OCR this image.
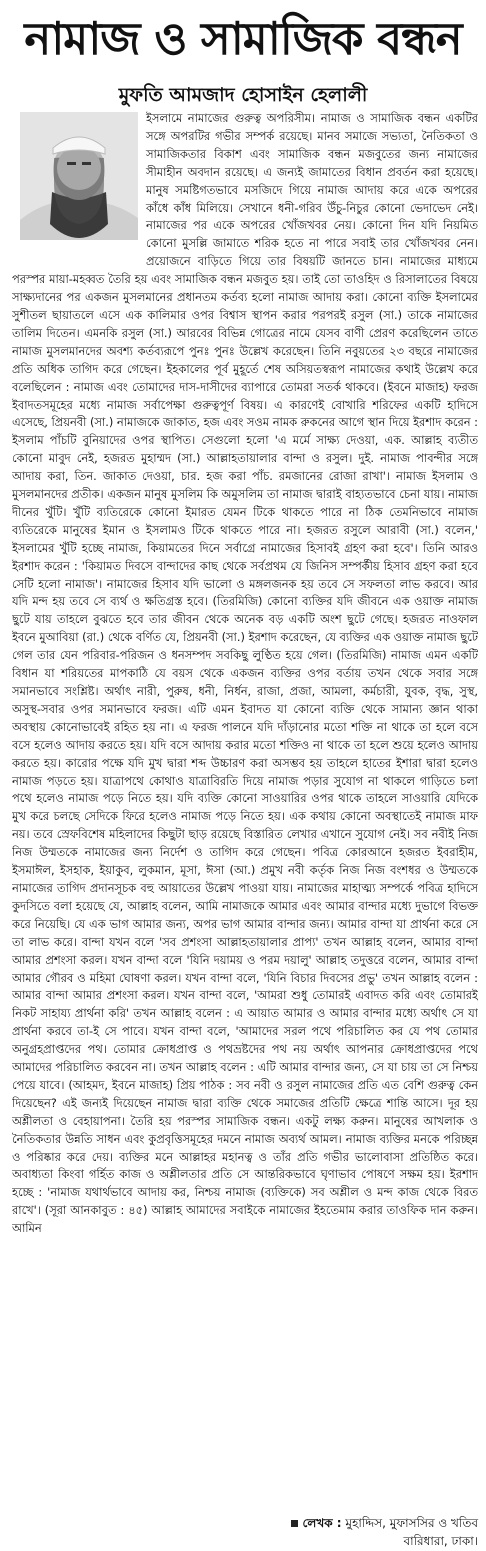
নামাজ ও সামাজিক বন্ধন
মুফতি আমজাদ হোসাইন হেলালী

ইসলামে নামাজের গুরুত্ব অপরিসীম। নামাজ ও সামাজিক বন্ধন একটির সঙ্গে অপরটির গভীর সম্পর্ক রয়েছে। মানব সমাজে সভ্যতা, নৈতিকতা ও সামাজিকতার বিকাশ এবং সামাজিক বন্ধন মজবুতের জন্য নামাজের সীমাহীন অবদান রয়েছে। এ জন্যই জামাতের বিধান প্রবর্তন করা হয়েছে। মানুষ সমষ্টিগতভাবে মসজিদে গিয়ে নামাজ আদায় করে একে অপরের কাঁধে কাঁধ মিলিয়ে। সেখানে ধনী-গরিব উঁচু-নিচুর কোনো ভেদাভেদ নেই। নামাজের পর একে অপরের খোঁজখবর নেয়। কোনো দিন যদি নিয়মিত কোনো মুসল্লি জামাতে শরিক হতে না পারে সবাই তার খোঁজখবর নেন। প্রয়োজনে বাড়িতে গিয়ে তার বিষয়টি জানতে চান। নামাজের মাধ্যমে পরস্পর মায়া-মহব্বত তৈরি হয় এবং সামাজিক বন্ধন মজবুত হয়। তাই তো তাওহিদ ও রিসালাতের বিষয়ে সাক্ষ্যদানের পর একজন মুসলমানের প্রধানতম কর্তব্য হলো নামাজ আদায় করা। কোনো ব্যক্তি ইসলামের সুশীতল ছায়াতলে এসে এক কালিমার ওপর বিশ্বাস স্থাপন করার পরপরই রসুল (সা.) তাকে নামাজের তালিম দিতেন। এমনকি রসুল (সা.) আরবের বিভিন্ন গোত্রের নামে যেসব বাণী প্রেরণ করেছিলেন তাতে নামাজ মুসলমানদের অবশ্য কর্তব্যরূপে পুনঃ পুনঃ উল্লেখ করেছেন। তিনি নবুয়তের ২৩ বছরে নামাজের প্রতি অধিক তাগিদ করে গেছেন। ইহকালের পূর্ব মুহূর্তে শেষ অসিয়তস্বরূপ নামাজের কথাই উল্লেখ করে বলেছিলেন : নামাজ এবং তোমাদের দাস-দাসীদের ব্যাপারে তোমরা সতর্ক থাকবে। (ইবনে মাজাহ) ফরজ ইবাদতসমূহের মধ্যে নামাজ সর্বাপেক্ষা গুরুত্বপূর্ণ বিষয়। এ কারণেই বোখারি শরিফের একটি হাদিসে এসেছে, প্রিয়নবী (সা.) নামাজকে জাকাত, হজ এবং সওম নামক রুকনের আগে স্থান দিয়ে ইরশাদ করেন : ইসলাম পাঁচটি বুনিয়াদের ওপর স্থাপিত। সেগুলো হলো 'এ মর্মে সাক্ষ্য দেওয়া, এক. আল্লাহ ব্যতীত কোনো মাবুদ নেই, হজরত মুহাম্মদ (সা.) আল্লাহতায়ালার বান্দা ও রসুল। দুই. নামাজ পাবন্দীর সঙ্গে আদায় করা, তিন. জাকাত দেওয়া, চার. হজ করা পাঁচ. রমজানের রোজা রাখা'। নামাজ ইসলাম ও মুসলমানদের প্রতীক। একজন মানুষ মুসলিম কি অমুসলিম তা নামাজ দ্বারাই বাহ্যতভাবে চেনা যায়। নামাজ দীনের খুঁটি। খুঁটি ব্যতিরেকে কোনো ইমারত যেমন টিকে থাকতে পারে না ঠিক তেমনিভাবে নামাজ ব্যতিরেকে মানুষের ইমান ও ইসলামও টিকে থাকতে পারে না। হজরত রসুলে আরাবী (সা.) বলেন,' ইসলামের খুঁটি হচ্ছে নামাজ, কিয়ামতের দিনে সর্বাগ্রে নামাজের হিসাবই গ্রহণ করা হবে'। তিনি আরও ইরশাদ করেন : 'কিয়ামত দিবসে বান্দাদের কাছ থেকে সর্বপ্রথম যে জিনিস সম্পর্কীয় হিসাব গ্রহণ করা হবে সেটি হলো নামাজ'। নামাজের হিসাব যদি ভালো ও মঙ্গলজনক হয় তবে সে সফলতা লাভ করবে। আর যদি মন্দ হয় তবে সে ব্যর্থ ও ক্ষতিগ্রস্ত হবে। (তিরমিজি) কোনো ব্যক্তির যদি জীবনে এক ওয়াক্ত নামাজ ছুটে যায় তাহলে বুঝতে হবে তার জীবন থেকে অনেক বড় একটি অংশ ছুটে গেছে। হজরত নাওফাল ইবনে মুআবিয়া (রা.) থেকে বর্ণিত যে, প্রিয়নবী (সা.) ইরশাদ করেছেন, যে ব্যক্তির এক ওয়াক্ত নামাজ ছুটে গেল তার যেন পরিবার-পরিজন ও ধনসম্পদ সবকিছু লুণ্ঠিত হয়ে গেল। (তিরমিজি) নামাজ এমন একটি বিধান যা শরিয়তের মাপকাঠি যে বয়স থেকে একজন ব্যক্তির ওপর বর্তায় তখন থেকে সবার সঙ্গে সমানভাবে সংশ্লিষ্ট। অর্থাৎ নারী, পুরুষ, ধনী, নির্ধন, রাজা, প্রজা, আমলা, কর্মচারী, যুবক, বৃদ্ধ, সুস্থ, অসুস্থ-সবার ওপর সমানভাবে ফরজ। এটি এমন ইবাদত যা কোনো ব্যক্তি থেকে সামান্য জ্ঞান থাকা অবস্থায় কোনোভাবেই রহিত হয় না। এ ফরজ পালনে যদি দাঁড়ানোর মতো শক্তি না থাকে তা হলে বসে বসে হলেও আদায় করতে হয়। যদি বসে আদায় করার মতো শক্তিও না থাকে তা হলে শুয়ে হলেও আদায় করতে হয়। কারোর পক্ষে যদি মুখ দ্বারা শব্দ উচ্চারণ করা অসম্ভব হয় তাহলে হাতের ইশারা দ্বারা হলেও নামাজ পড়তে হয়। যাত্রাপথে কোথাও যাত্রাবিরতি দিয়ে নামাজ পড়ার সুযোগ না থাকলে গাড়িতে চলা পথে হলেও নামাজ পড়ে নিতে হয়। যদি ব্যক্তি কোনো সাওয়ারির ওপর থাকে তাহলে সাওয়ারি যেদিকে মুখ করে চলছে সেদিকে ফিরে হলেও নামাজ পড়ে নিতে হয়। এক কথায় কোনো অবস্থাতেই নামাজ মাফ নয়। তবে স্রেফবিশেষ মহিলাদের কিছুটা ছাড় রয়েছে বিস্তারিত লেখার এখানে সুযোগ নেই। সব নবীই নিজ নিজ উম্মতকে নামাজের জন্য নির্দেশ ও তাগিদ করে গেছেন। পবিত্র কোরআনে হজরত ইবরাহীম, ইসমাঈল, ইসহাক, ইয়াকুব, লুকমান, মূসা, ঈসা (আ.) প্রমুখ নবী কর্তৃক নিজ নিজ বংশধর ও উম্মতকে নামাজের তাগিদ প্রদানসূচক বহু আয়াতের উল্লেখ পাওয়া যায়। নামাজের মাহাত্ম্য সম্পর্কে পবিত্র হাদিসে কুদসিতে বলা হয়েছে যে, আল্লাহ বলেন, আমি নামাজকে আমার এবং আমার বান্দার মধ্যে দুভাগে বিভক্ত করে নিয়েছি। যে এক ভাগ আমার জন্য, অপর ভাগ আমার বান্দার জন্য। আমার বান্দা যা প্রার্থনা করে সে তা লাভ করে। বান্দা যখন বলে 'সব প্রশংসা আল্লাহতায়ালার প্রাপ্য' তখন আল্লাহ বলেন, আমার বান্দা আমার প্রশংসা করল। যখন বান্দা বলে 'যিনি দয়াময় ও পরম দয়ালু' আল্লাহ তদুত্তরে বলেন, আমার বান্দা আমার গৌরব ও মহিমা ঘোষণা করল। যখন বান্দা বলে, 'যিনি বিচার দিবসের প্রভু' তখন আল্লাহ বলেন : আমার বান্দা আমার প্রশংসা করল। যখন বান্দা বলে, 'আমরা শুধু তোমারই এবাদত করি এবং তোমারই নিকট সাহায্য প্রার্থনা করি' তখন আল্লাহ বলেন : এ আয়াত আমার ও আমার বান্দার মধ্যে অর্থাৎ সে যা প্রার্থনা করবে তা-ই সে পাবে। যখন বান্দা বলে, 'আমাদের সরল পথে পরিচালিত কর যে পথ তোমার অনুগ্রহপ্রাপ্তদের পথ। তোমার ক্রোধপ্রাপ্ত ও পথভ্রষ্টদের পথ নয় অর্থাৎ আপনার ক্রোধপ্রাপ্তদের পথে আমাদের পরিচালিত করবেন না। তখন আল্লাহ বলেন : এটি আমার বান্দার জন্য, সে যা চায় তা সে নিশ্চয় পেয়ে যাবে। (আহমদ, ইবনে মাজাহ) প্রিয় পাঠক : সব নবী ও রসুল নামাজের প্রতি এত বেশি গুরুত্ব কেন দিয়েছেন? এই জন্যই দিয়েছেন নামাজ দ্বারা ব্যক্তি থেকে সমাজের প্রতিটি ক্ষেত্রে শান্তি আসে। দূর হয় অশ্লীলতা ও বেহায়াপনা। তৈরি হয় পরস্পর সামাজিক বন্ধন। একটু লক্ষ্য করুন। মানুষের আখলাক ও নৈতিকতার উন্নতি সাধন এবং কুপ্রবৃত্তিসমূহের দমনে নামাজ অব্যর্থ আমল। নামাজ ব্যক্তির মনকে পরিচ্ছন্ন ও পরিষ্কার করে দেয়। ব্যক্তির মনে আল্লাহর মহানত্ব ও তাঁর প্রতি গভীর ভালোবাসা প্রতিষ্ঠিত করে। অবাধ্যতা কিংবা গর্হিত কাজ ও অশ্লীলতার প্রতি সে আন্তরিকভাবে ঘৃণাভাব পোষণে সক্ষম হয়। ইরশাদ হচ্ছে : 'নামাজ যথার্থভাবে আদায় কর, নিশ্চয় নামাজ (ব্যক্তিকে) সব অশ্লীল ও মন্দ কাজ থেকে বিরত রাখে'। (সূরা আনকাবুত : ৪৫) আল্লাহ আমাদের সবাইকে নামাজের ইহতেমাম করার তাওফিক দান করুন। আমিন

লেখক : মুহাদ্দিস, মুফাসসির ও খতিব
বারিধারা, ঢাকা।
